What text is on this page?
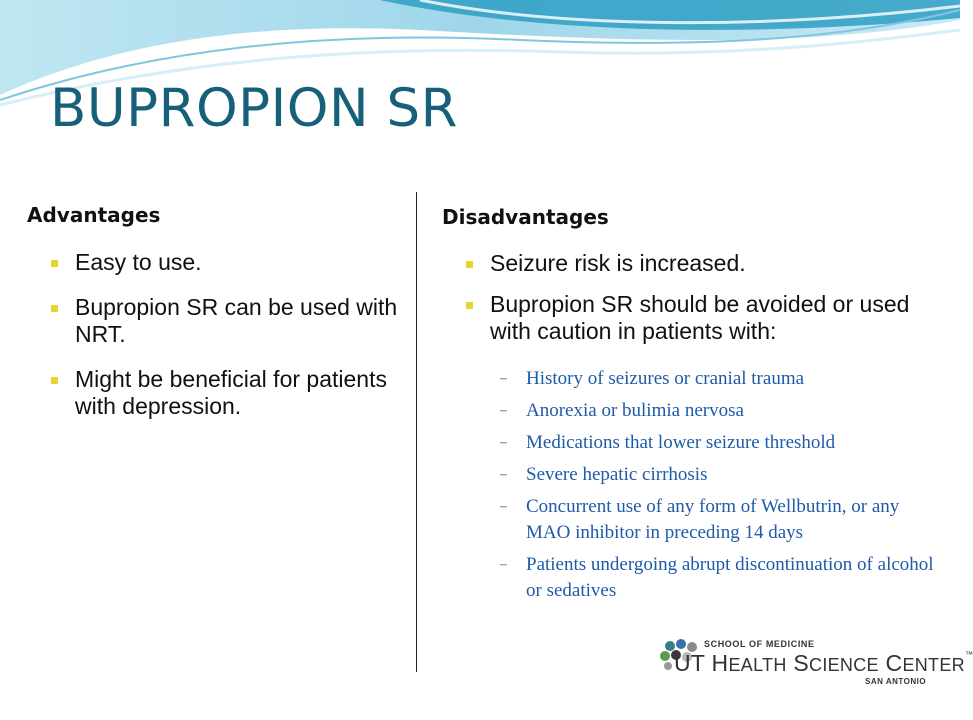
BUPROPION SR
Advantages
Easy to use.
Bupropion SR can be used with NRT.
Might be beneficial for patients with depression.
Disadvantages
Seizure risk is increased.
Bupropion SR should be avoided or used with caution in patients with:
– History of seizures or cranial trauma
– Anorexia or bulimia nervosa
– Medications that lower seizure threshold
– Severe hepatic cirrhosis
– Concurrent use of any form of Wellbutrin, or any MAO inhibitor in preceding 14 days
– Patients undergoing abrupt discontinuation of alcohol or sedatives
SCHOOL OF MEDICINE
UT HEALTH SCIENCE CENTER™
SAN ANTONIO
